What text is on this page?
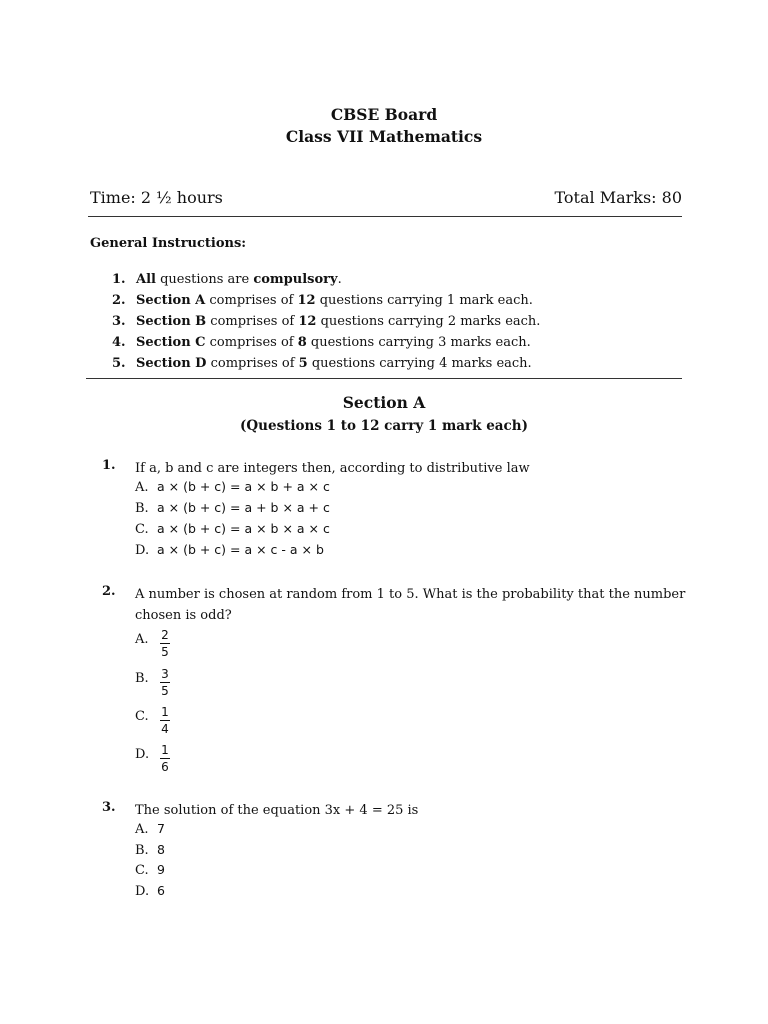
CBSE Board
Class VII Mathematics
Time: 2 ½ hours	Total Marks: 80
General Instructions:
1. All questions are compulsory.
2. Section A comprises of 12 questions carrying 1 mark each.
3. Section B comprises of 12 questions carrying 2 marks each.
4. Section C comprises of 8 questions carrying 3 marks each.
5. Section D comprises of 5 questions carrying 4 marks each.
Section A
(Questions 1 to 12 carry 1 mark each)
1. If a, b and c are integers then, according to distributive law
A. a × (b + c) = a × b + a × c
B. a × (b + c) = a + b × a + c
C. a × (b + c) = a × b × a × c
D. a × (b + c) = a × c - a × b
2. A number is chosen at random from 1 to 5. What is the probability that the number chosen is odd?
A. 2
5
B. 3
5
C. 1
4
D. 1
6
3. The solution of the equation 3x + 4 = 25 is
A. 7
B. 8
C. 9
D. 6
